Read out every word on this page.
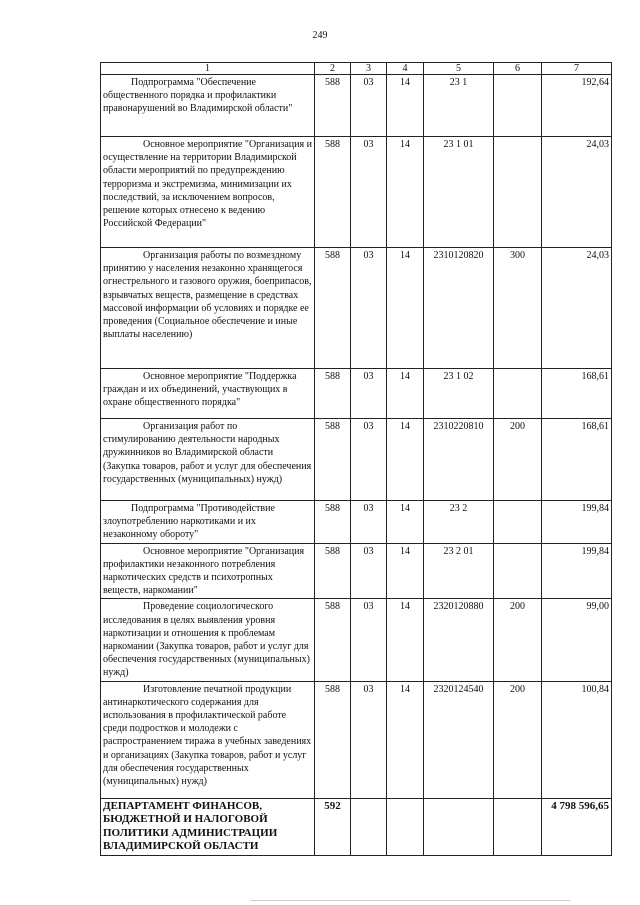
249
1	2	3	4	5	6	7
Подпрограмма "Обеспечение общественного порядка и профилактики правонарушений во Владимирской области"	588	03	14	23 1		192,64
Основное мероприятие "Организация и осуществление на территории Владимирской области мероприятий по предупреждению терроризма и экстремизма, минимизации их последствий, за исключением вопросов, решение которых отнесено к ведению Российской Федерации"	588	03	14	23 1 01		24,03
Организация работы по возмездному принятию у населения незаконно хранящегося огнестрельного и газового оружия, боеприпасов, взрывчатых веществ, размещение в средствах массовой информации об условиях и порядке ее проведения (Социальное обеспечение и иные выплаты населению)	588	03	14	2310120820	300	24,03
Основное мероприятие "Поддержка граждан и их объединений, участвующих в охране общественного порядка"	588	03	14	23 1 02		168,61
Организация работ по стимулированию деятельности народных дружинников во Владимирской области (Закупка товаров, работ и услуг для обеспечения государственных (муниципальных) нужд)	588	03	14	2310220810	200	168,61
Подпрограмма "Противодействие злоупотреблению наркотиками и их незаконному обороту"	588	03	14	23 2		199,84
Основное мероприятие "Организация профилактики незаконного потребления наркотических средств и психотропных веществ, наркомании"	588	03	14	23 2 01		199,84
Проведение социологического исследования в целях выявления уровня наркотизации и отношения к проблемам наркомании (Закупка товаров, работ и услуг для обеспечения государственных (муниципальных) нужд)	588	03	14	2320120880	200	99,00
Изготовление печатной продукции антинаркотического содержания для использования в профилактической работе среди подростков и молодежи с распространением тиража в учебных заведениях и организациях (Закупка товаров, работ и услуг для обеспечения государственных (муниципальных) нужд)	588	03	14	2320124540	200	100,84
ДЕПАРТАМЕНТ ФИНАНСОВ, БЮДЖЕТНОЙ И НАЛОГОВОЙ ПОЛИТИКИ АДМИНИСТРАЦИИ ВЛАДИМИРСКОЙ ОБЛАСТИ	592					4 798 596,65
